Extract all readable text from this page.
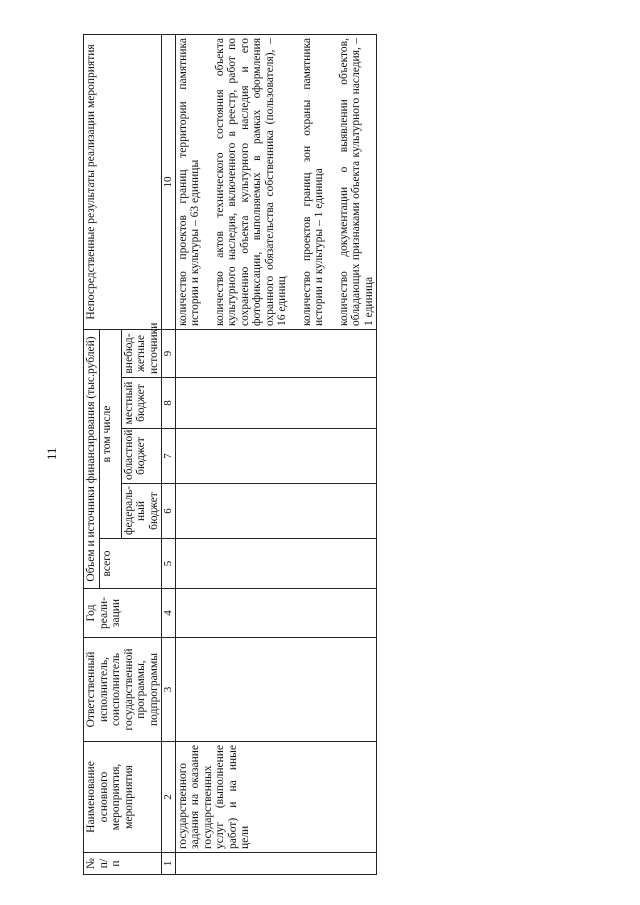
11
№ п/п	Наименование основного мероприятия, мероприятия	Ответственный исполнитель, соисполнитель государственной программы, подпрограммы	Год реали-зации	Объем и источники финансирования (тыс.рублей)					Непосредственные результаты реализации мероприятия
				всего	в том числе				
					федераль-ный бюджет	областной бюджет	местный бюджет	внебюд-жетные источники	
1	2	3	4	5	6	7	8	9	10
	государственного задания на оказание государственных услуг (выполнение работ) и на иные цели								количество проектов границ территории памятника истории и культуры – 63 единицы количество актов технического состояния объекта культурного наследия, включенного в реестр, работ по сохранению объекта культурного наследия и его фотофиксации, выполняемых в рамках оформления охранного обязательства собственника (пользователя), – 16 единиц количество проектов границ зон охраны памятника истории и культуры – 1 единица количество документации о выявлении объектов, обладающих признаками объекта культурного наследия, – 1 единица
